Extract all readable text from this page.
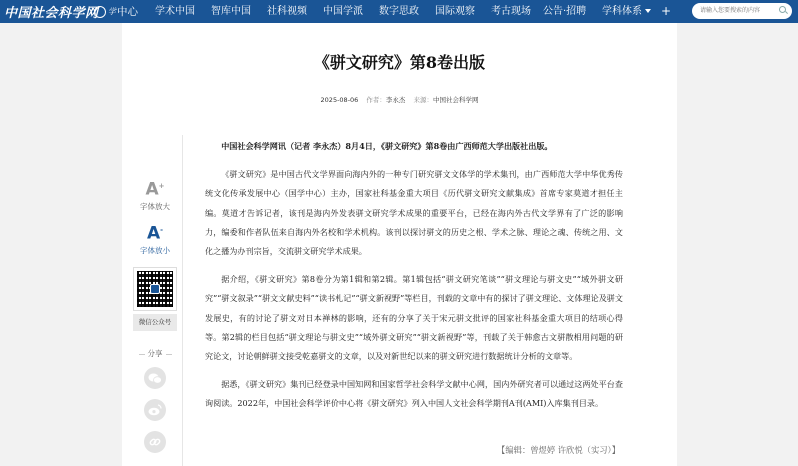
中国社会科学网 学 中心 学术中国 智库中国 社科视频 中国学派 数字思政 国际观察 考古现场 公告·招聘 学科体系	+
请输入您要搜索的内容
《骈文研究》第8卷出版
2025-08-06 作者：李永杰 来源：中国社会科学网
A+
字体放大
A-
字体放小
微信公众号
分享

中国社会科学网讯（记者 李永杰）8月4日，《骈文研究》第8卷由广西师范大学出版社出版。

《骈文研究》是中国古代文学界面向海内外的一种专门研究骈文文体学的学术集刊，由广西师范大学中华优秀传统文化传承发展中心（国学中心）主办，国家社科基金重大项目《历代骈文研究文献集成》首席专家莫道才担任主编。莫道才告诉记者，该刊是海内外发表骈文研究学术成果的重要平台，已经在海内外古代文学界有了广泛的影响力，编委和作者队伍来自海内外名校和学术机构。该刊以探讨骈文的历史之根、学术之脉、理论之魂、传统之用、文化之播为办刊宗旨，交流骈文研究学术成果。

据介绍，《骈文研究》第8卷分为第1辑和第2辑。第1辑包括“骈文研究笔谈”“骈文理论与骈文史”“域外骈文研究”“骈文叙录”“骈文文献史料”“读书札记”“骈文新视野”等栏目，刊载的文章中有的探讨了骈文理论、文体理论及骈文发展史，有的讨论了骈文对日本禅林的影响，还有的分享了关于宋元骈文批评的国家社科基金重大项目的结项心得等。第2辑的栏目包括“骈文理论与骈文史”“域外骈文研究”“骈文新视野”等，刊载了关于韩愈古文骈散相用问题的研究论文，讨论朝鲜骈文接受乾嘉骈文的文章，以及对新世纪以来的骈文研究进行数据统计分析的文章等。

据悉，《骈文研究》集刊已经登录中国知网和国家哲学社会科学文献中心网，国内外研究者可以通过这两处平台查询阅读。2022年，中国社会科学评价中心将《骈文研究》列入中国人文社会科学期刊A刊(AMI)入库集刊目录。

【编辑：曾煜婷 许欣悦（实习）】
